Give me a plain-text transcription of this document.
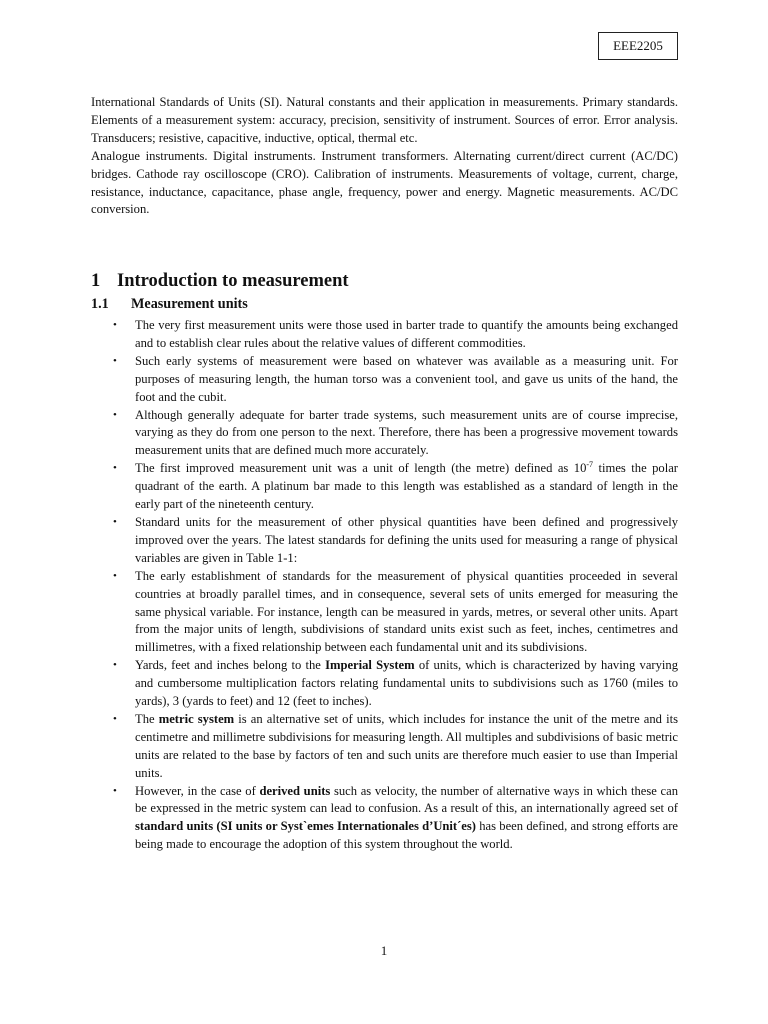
EEE2205

International Standards of Units (SI). Natural constants and their application in measurements. Primary standards. Elements of a measurement system: accuracy, precision, sensitivity of instrument. Sources of error. Error analysis. Transducers; resistive, capacitive, inductive, optical, thermal etc.

Analogue instruments. Digital instruments. Instrument transformers. Alternating current/direct current (AC/DC) bridges. Cathode ray oscilloscope (CRO). Calibration of instruments. Measurements of voltage, current, charge, resistance, inductance, capacitance, phase angle, frequency, power and energy. Magnetic measurements. AC/DC conversion.

1 Introduction to measurement
1.1 Measurement units
• The very first measurement units were those used in barter trade to quantify the amounts being exchanged and to establish clear rules about the relative values of different commodities.
• Such early systems of measurement were based on whatever was available as a measuring unit. For purposes of measuring length, the human torso was a convenient tool, and gave us units of the hand, the foot and the cubit.
• Although generally adequate for barter trade systems, such measurement units are of course imprecise, varying as they do from one person to the next. Therefore, there has been a progressive movement towards measurement units that are defined much more accurately.
• The first improved measurement unit was a unit of length (the metre) defined as $10^{-7}$ times the polar quadrant of the earth. A platinum bar made to this length was established as a standard of length in the early part of the nineteenth century.
• Standard units for the measurement of other physical quantities have been defined and progressively improved over the years. The latest standards for defining the units used for measuring a range of physical variables are given in Table 1-1:
• The early establishment of standards for the measurement of physical quantities proceeded in several countries at broadly parallel times, and in consequence, several sets of units emerged for measuring the same physical variable. For instance, length can be measured in yards, metres, or several other units. Apart from the major units of length, subdivisions of standard units exist such as feet, inches, centimetres and millimetres, with a fixed relationship between each fundamental unit and its subdivisions.
• Yards, feet and inches belong to the Imperial System of units, which is characterized by having varying and cumbersome multiplication factors relating fundamental units to subdivisions such as 1760 (miles to yards), 3 (yards to feet) and 12 (feet to inches).
• The metric system is an alternative set of units, which includes for instance the unit of the metre and its centimetre and millimetre subdivisions for measuring length. All multiples and subdivisions of basic metric units are related to the base by factors of ten and such units are therefore much easier to use than Imperial units.
• However, in the case of derived units such as velocity, the number of alternative ways in which these can be expressed in the metric system can lead to confusion. As a result of this, an internationally agreed set of standard units (SI units or Syst`emes Internationales d’Unit´es) has been defined, and strong efforts are being made to encourage the adoption of this system throughout the world.
1
